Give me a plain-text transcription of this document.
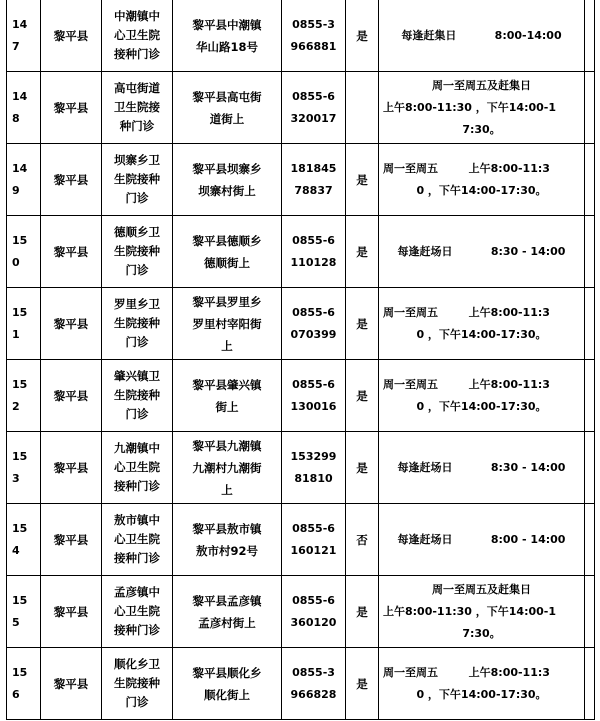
14
7	黎平县	中潮镇中
心卫生院
接种门诊	黎平县中潮镇
华山路18号	0855-3
966881	是	每逢赶集日          8:00-14:00	

14
8	黎平县	高屯街道
卫生院接
种门诊	黎平县高屯街
道街上	0855-6
320017		周一至周五及赶集日
上午8:00-11:30 ，下午14:00-1
7:30。	

14
9	黎平县	坝寨乡卫
生院接种
门诊	黎平县坝寨乡
坝寨村街上	181845
78837	是	周一至周五        上午8:00-11:3
0 ，下午14:00-17:30。	

15
0	黎平县	德顺乡卫
生院接种
门诊	黎平县德顺乡
德顺街上	0855-6
110128	是	每逢赶场日          8:30 - 14:00	

15
1	黎平县	罗里乡卫
生院接种
门诊	黎平县罗里乡
罗里村宰阳街
上	0855-6
070399	是	周一至周五        上午8:00-11:3
0 ，下午14:00-17:30。	

15
2	黎平县	肇兴镇卫
生院接种
门诊	黎平县肇兴镇
街上	0855-6
130016	是	周一至周五        上午8:00-11:3
0 ，下午14:00-17:30。	

15
3	黎平县	九潮镇中
心卫生院
接种门诊	黎平县九潮镇
九潮村九潮街
上	153299
81810	是	每逢赶场日          8:30 - 14:00	

15
4	黎平县	敖市镇中
心卫生院
接种门诊	黎平县敖市镇
敖市村92号	0855-6
160121	否	每逢赶场日          8:00 - 14:00	

15
5	黎平县	孟彦镇中
心卫生院
接种门诊	黎平县孟彦镇
孟彦村街上	0855-6
360120	是	周一至周五及赶集日
上午8:00-11:30 ，下午14:00-1
7:30。	

15
6	黎平县	顺化乡卫
生院接种
门诊	黎平县顺化乡
顺化街上	0855-3
966828	是	周一至周五        上午8:00-11:3
0 ，下午14:00-17:30。	
